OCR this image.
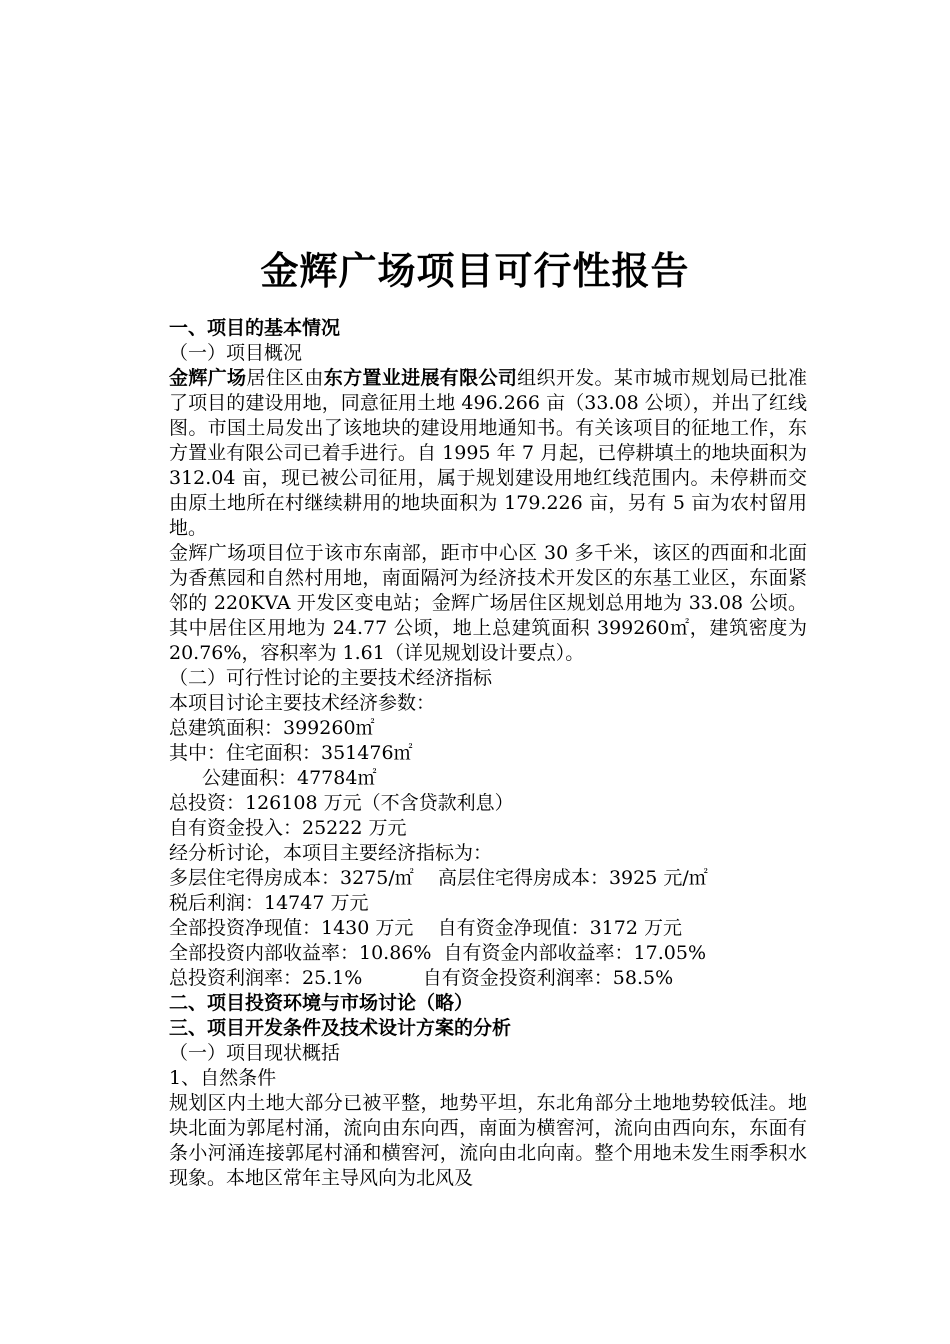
金辉广场项目可行性报告

一、项目的基本情况

（一）项目概况

金辉广场居住区由东方置业进展有限公司组织开发。某市城市规划局已批准了项目的建设用地，同意征用土地 496.266 亩（33.08 公顷），并出了红线图。市国土局发出了该地块的建设用地通知书。有关该项目的征地工作，东方置业有限公司已着手进行。自 1995 年 7 月起，已停耕填土的地块面积为 312.04 亩，现已被公司征用，属于规划建设用地红线范围内。未停耕而交由原土地所在村继续耕用的地块面积为 179.226 亩，另有 5 亩为农村留用地。

金辉广场项目位于该市东南部，距市中心区 30 多千米，该区的西面和北面为香蕉园和自然村用地，南面隔河为经济技术开发区的东基工业区，东面紧邻的 220KVA 开发区变电站；金辉广场居住区规划总用地为 33.08 公顷。其中居住区用地为 24.77 公顷，地上总建筑面积 399260㎡，建筑密度为 20.76%，容积率为 1.61（详见规划设计要点）。

（二）可行性讨论的主要技术经济指标

本项目讨论主要技术经济参数：

总建筑面积：399260㎡

其中：住宅面积：351476㎡

公建面积：47784㎡

总投资：126108 万元（不含贷款利息）

自有资金投入：25222 万元

经分析讨论，本项目主要经济指标为：

多层住宅得房成本：3275/㎡ 高层住宅得房成本：3925 元/㎡

税后利润：14747 万元

全部投资净现值：1430 万元 自有资金净现值：3172 万元

全部投资内部收益率：10.86% 自有资金内部收益率：17.05%

总投资利润率：25.1%	自有资金投资利润率：58.5%

二、项目投资环境与市场讨论（略）

三、项目开发条件及技术设计方案的分析

（一）项目现状概括

1、自然条件

规划区内土地大部分已被平整，地势平坦，东北角部分土地地势较低洼。地块北面为郭尾村涌，流向由东向西，南面为横窖河，流向由西向东，东面有条小河涌连接郭尾村涌和横窖河，流向由北向南。整个用地未发生雨季积水现象。本地区常年主导风向为北风及
